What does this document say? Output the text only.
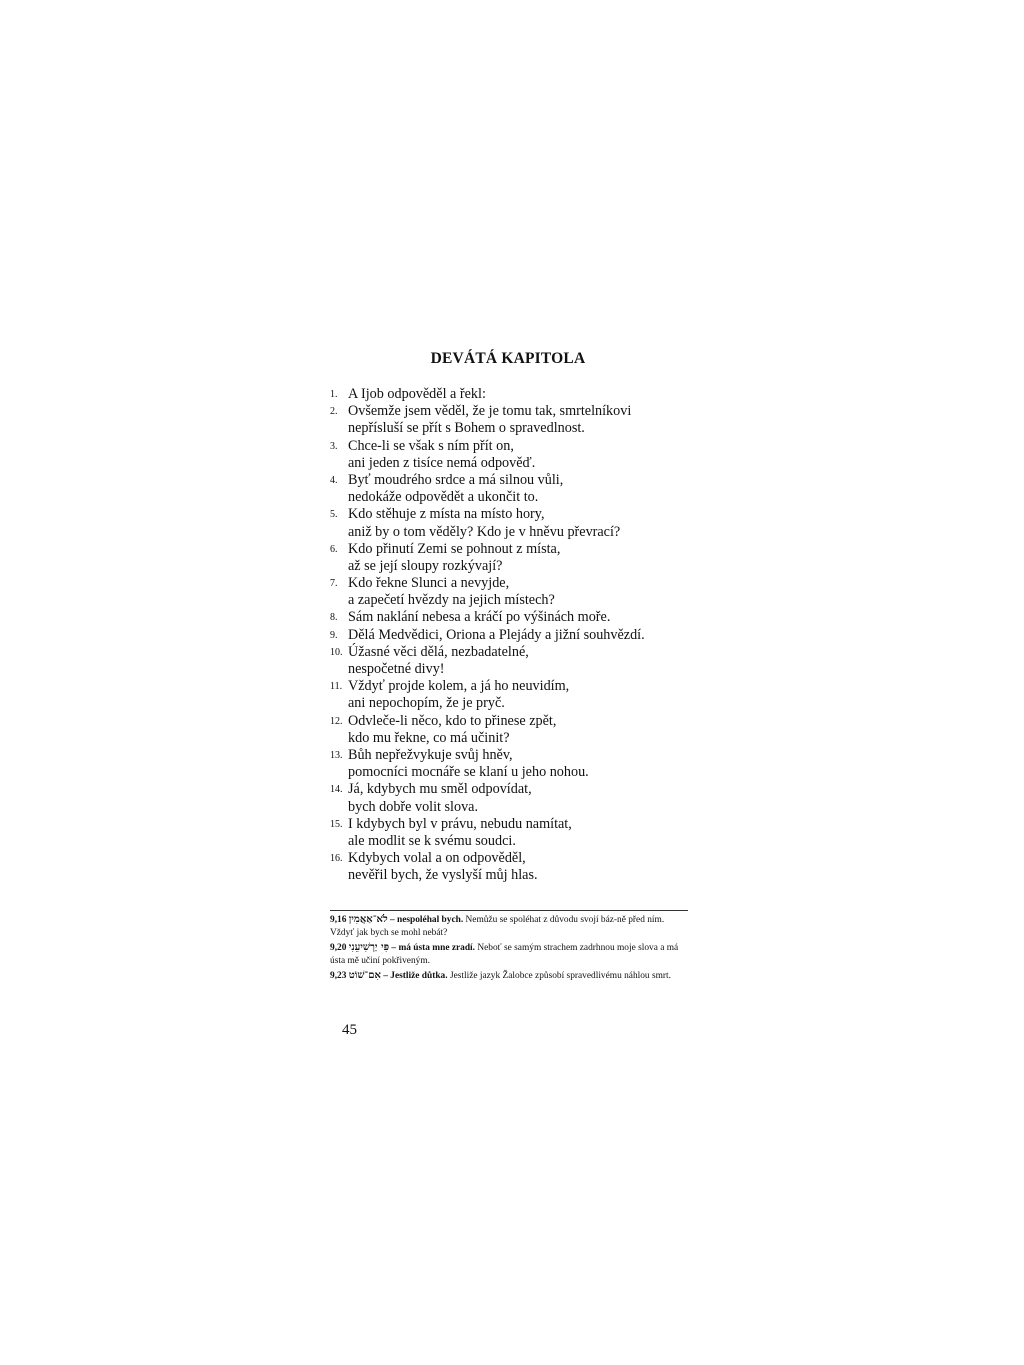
DEVÁTÁ KAPITOLA
1. A Ijob odpověděl a řekl:
2. Ovšemže jsem věděl, že je tomu tak, smrtelníkovi
nepřísluší se přít s Bohem o spravedlnost.
3. Chce-li se však s ním přít on,
ani jeden z tisíce nemá odpověď.
4. Byť moudrého srdce a má silnou vůli,
nedokáže odpovědět a ukončit to.
5. Kdo stěhuje z místa na místo hory,
aniž by o tom věděly? Kdo je v hněvu převrací?
6. Kdo přinutí Zemi se pohnout z místa,
až se její sloupy rozkývají?
7. Kdo řekne Slunci a nevyjde,
a zapečetí hvězdy na jejich místech?
8. Sám naklání nebesa a kráčí po výšinách moře.
9. Dělá Medvědici, Oriona a Plejády a jižní souhvězdí.
10. Úžasné věci dělá, nezbadatelné,
nespočetné divy!
11. Vždyť projde kolem, a já ho neuvidím,
ani nepochopím, že je pryč.
12. Odvleče-li něco, kdo to přinese zpět,
kdo mu řekne, co má učinit?
13. Bůh nepřežvykuje svůj hněv,
pomocníci mocnáře se klaní u jeho nohou.
14. Já, kdybych mu směl odpovídat,
bych dobře volit slova.
15. I kdybych byl v právu, nebudu namítat,
ale modlit se k svému soudci.
16. Kdybych volal a on odpověděl,
nevěřil bych, že vyslyší můj hlas.

9,16 לֹא־אַאֲמִין – nespoléhal bych. Nemůžu se spoléhat z důvodu svojí báz-ně před ním. Vždyť jak bych se mohl nebát?

9,20 פִּי יַרְשִׁיעֵנִי – má ústa mne zradí. Neboť se samým strachem zadrhnou moje slova a má ústa mě učiní pokřiveným.

9,23 אִם־שׁוֹט – Jestliže důtka. Jestliže jazyk Žalobce způsobí spravedlivému náhlou smrt.

45
